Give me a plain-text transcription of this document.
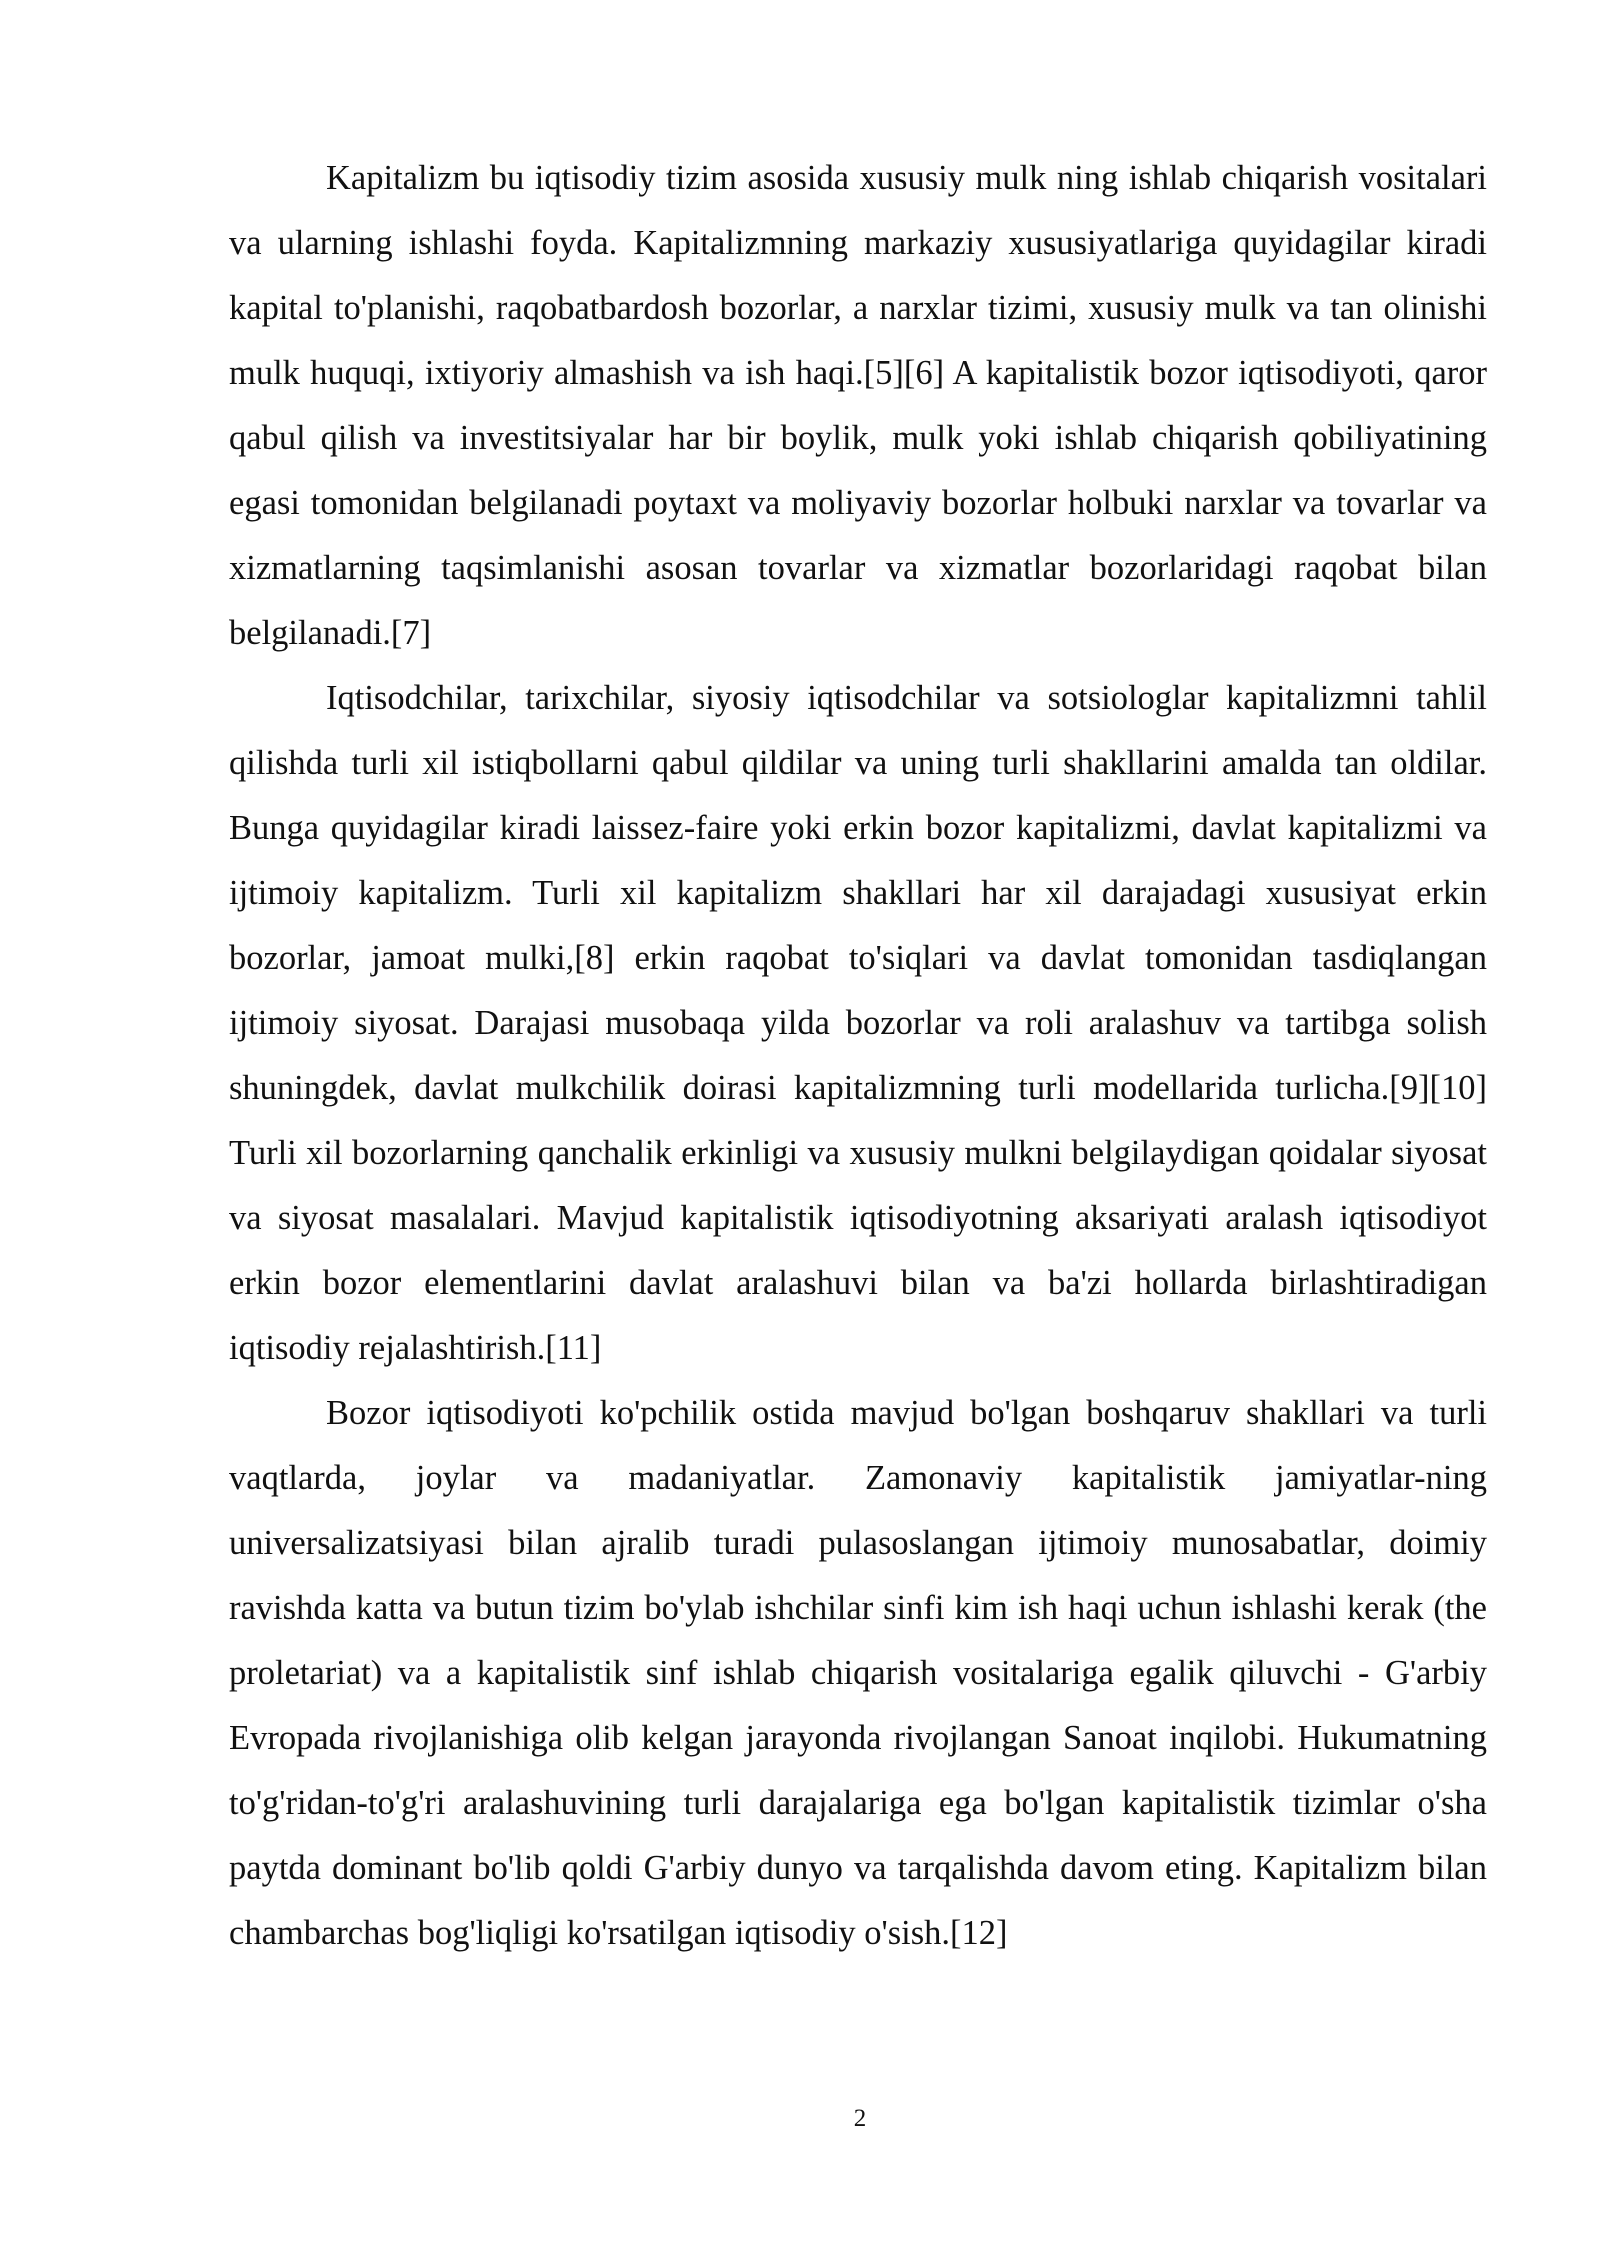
Kapitalizm bu iqtisodiy tizim asosida xususiy mulk ning ishlab chiqarish vositalari va ularning ishlashi foyda. Kapitalizmning markaziy xususiyatlariga quyidagilar kiradi kapital to'planishi, raqobatbardosh bozorlar, a narxlar tizimi, xususiy mulk va tan olinishi mulk huquqi, ixtiyoriy almashish va ish haqi.[5][6] A kapitalistik bozor iqtisodiyoti, qaror qabul qilish va investitsiyalar har bir boylik, mulk yoki ishlab chiqarish qobiliyatining egasi tomonidan belgilanadi poytaxt va moliyaviy bozorlar holbuki narxlar va tovarlar va xizmatlarning taqsimlanishi asosan tovarlar va xizmatlar bozorlaridagi raqobat bilan belgilanadi.[7]

Iqtisodchilar, tarixchilar, siyosiy iqtisodchilar va sotsiologlar kapitalizmni tahlil qilishda turli xil istiqbollarni qabul qildilar va uning turli shakllarini amalda tan oldilar. Bunga quyidagilar kiradi laissez-faire yoki erkin bozor kapitalizmi, davlat kapitalizmi va ijtimoiy kapitalizm. Turli xil kapitalizm shakllari har xil darajadagi xususiyat erkin bozorlar, jamoat mulki,[8] erkin raqobat to'siqlari va davlat tomonidan tasdiqlangan ijtimoiy siyosat. Darajasi musobaqa yilda bozorlar va roli aralashuv va tartibga solish shuningdek, davlat mulkchilik doirasi kapitalizmning turli modellarida turlicha.[9][10] Turli xil bozorlarning qanchalik erkinligi va xususiy mulkni belgilaydigan qoidalar siyosat va siyosat masalalari. Mavjud kapitalistik iqtisodiyotning aksariyati aralash iqtisodiyot erkin bozor elementlarini davlat aralashuvi bilan va ba'zi hollarda birlashtiradigan iqtisodiy rejalashtirish.[11]

Bozor iqtisodiyoti ko'pchilik ostida mavjud bo'lgan boshqaruv shakllari va turli vaqtlarda, joylar va madaniyatlar. Zamonaviy kapitalistik jamiyatlar-ning universalizatsiyasi bilan ajralib turadi pulasoslangan ijtimoiy munosabatlar, doimiy ravishda katta va butun tizim bo'ylab ishchilar sinfi kim ish haqi uchun ishlashi kerak (the proletariat) va a kapitalistik sinf ishlab chiqarish vositalariga egalik qiluvchi - G'arbiy Evropada rivojlanishiga olib kelgan jarayonda rivojlangan Sanoat inqilobi. Hukumatning to'g'ridan-to'g'ri aralashuvining turli darajalariga ega bo'lgan kapitalistik tizimlar o'sha paytda dominant bo'lib qoldi G'arbiy dunyo va tarqalishda davom eting. Kapitalizm bilan chambarchas bog'liqligi ko'rsatilgan iqtisodiy o'sish.[12]

2
